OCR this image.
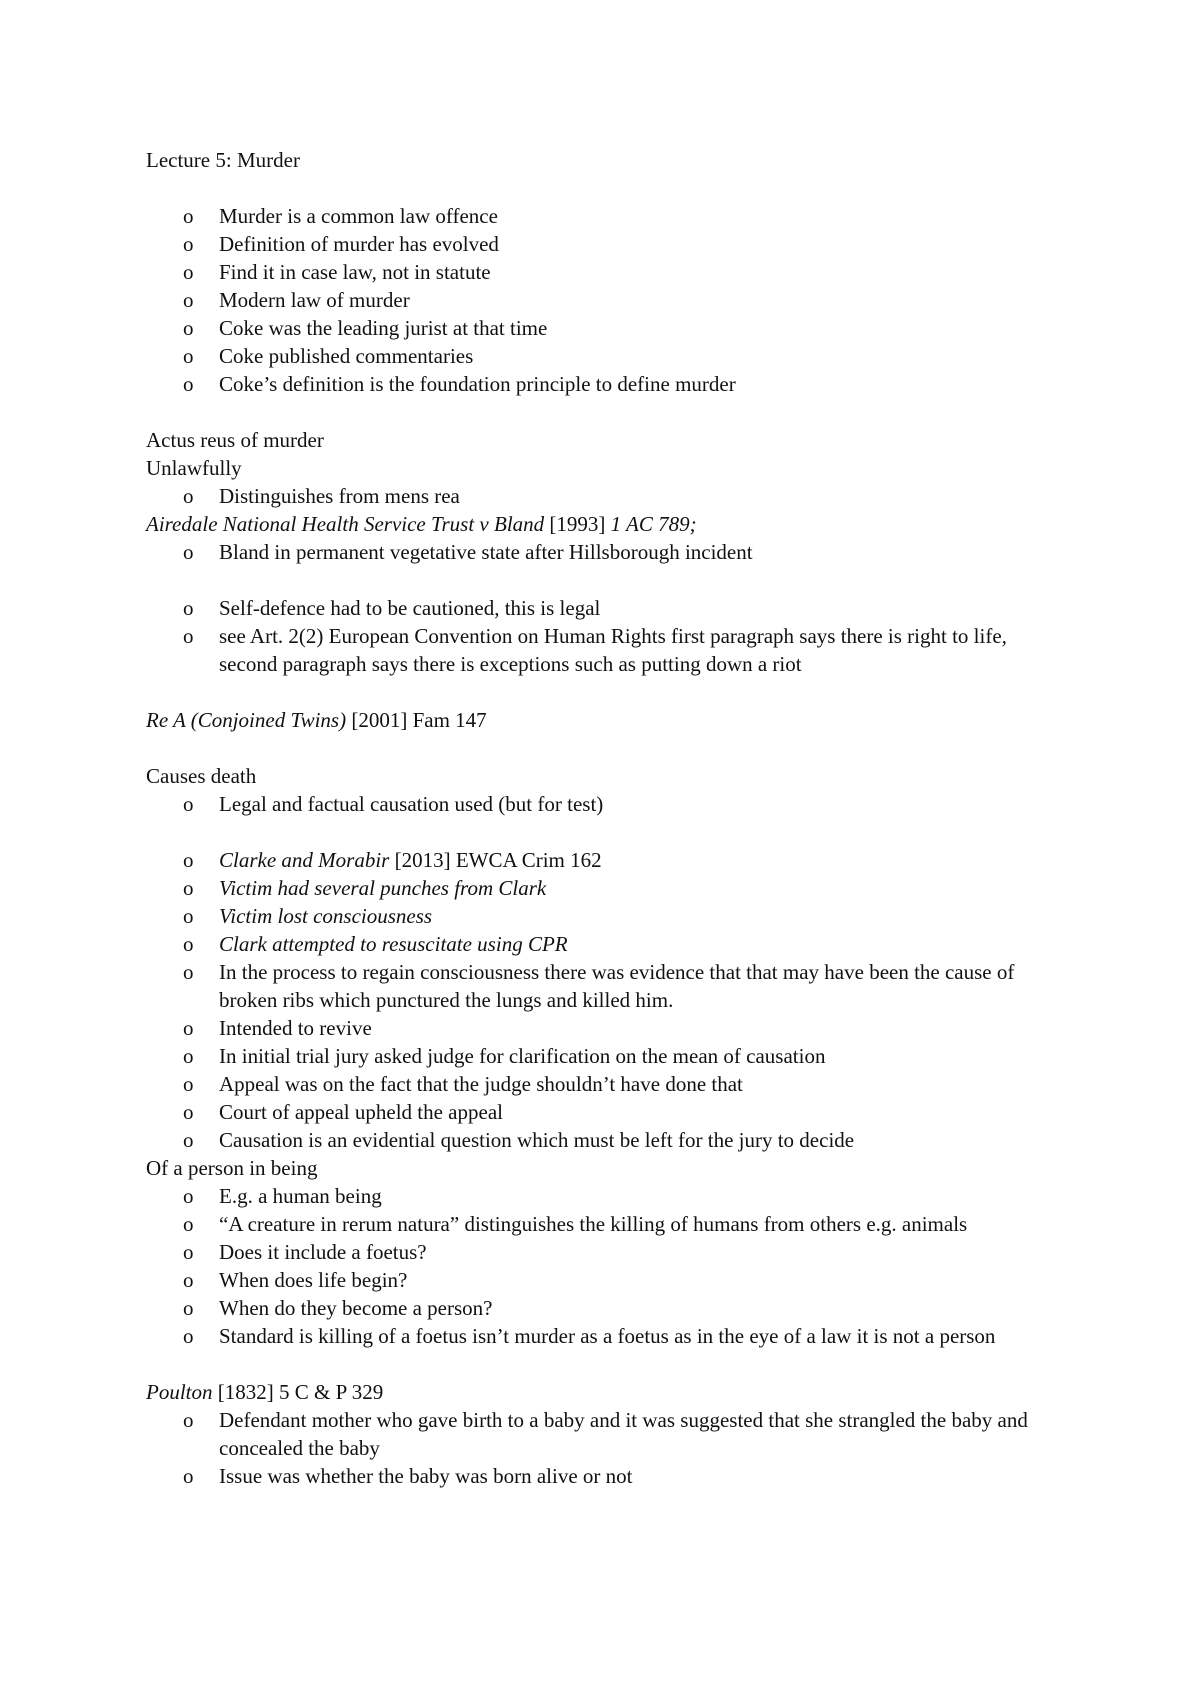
Lecture 5: Murder

o Murder is a common law offence
o Definition of murder has evolved
o Find it in case law, not in statute
o Modern law of murder
o Coke was the leading jurist at that time
o Coke published commentaries
o Coke’s definition is the foundation principle to define murder

Actus reus of murder

Unlawfully

o Distinguishes from mens rea

Airedale National Health Service Trust v Bland [1993] 1 AC 789;

o Bland in permanent vegetative state after Hillsborough incident
o Self-defence had to be cautioned, this is legal
o see Art. 2(2) European Convention on Human Rights first paragraph says there is right to life, second paragraph says there is exceptions such as putting down a riot

Re A (Conjoined Twins) [2001] Fam 147

Causes death

o Legal and factual causation used (but for test)
o Clarke and Morabir [2013] EWCA Crim 162
o Victim had several punches from Clark
o Victim lost consciousness
o Clark attempted to resuscitate using CPR
o In the process to regain consciousness there was evidence that that may have been the cause of broken ribs which punctured the lungs and killed him.
o Intended to revive
o In initial trial jury asked judge for clarification on the mean of causation
o Appeal was on the fact that the judge shouldn’t have done that
o Court of appeal upheld the appeal
o Causation is an evidential question which must be left for the jury to decide

Of a person in being

o E.g. a human being
o “A creature in rerum natura” distinguishes the killing of humans from others e.g. animals
o Does it include a foetus?
o When does life begin?
o When do they become a person?
o Standard is killing of a foetus isn’t murder as a foetus as in the eye of a law it is not a person

Poulton [1832] 5 C & P 329

o Defendant mother who gave birth to a baby and it was suggested that she strangled the baby and concealed the baby
o Issue was whether the baby was born alive or not
